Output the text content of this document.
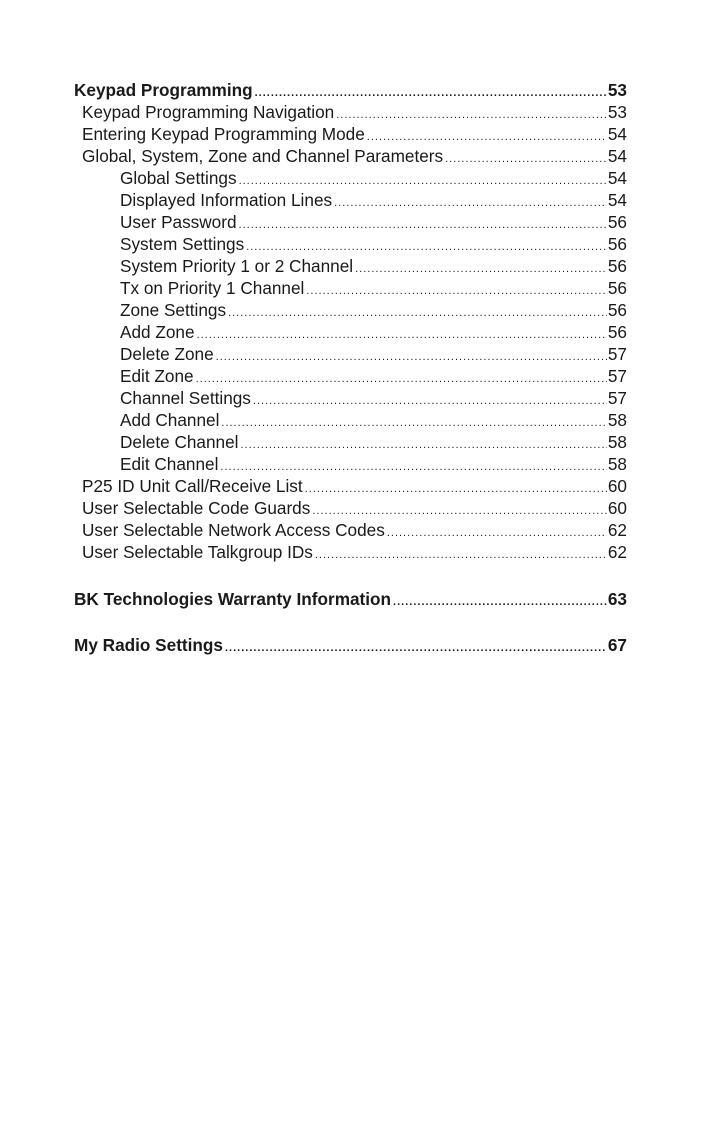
Keypad Programming .....	53
Keypad Programming Navigation .....	53
Entering Keypad Programming Mode .....	54
Global, System, Zone and Channel Parameters .....	54
Global Settings .....	54
Displayed Information Lines .....	54
User Password .....	56
System Settings .....	56
System Priority 1 or 2 Channel .....	56
Tx on Priority 1 Channel .....	56
Zone Settings .....	56
Add Zone .....	56
Delete Zone .....	57
Edit Zone .....	57
Channel Settings .....	57
Add Channel .....	58
Delete Channel .....	58
Edit Channel .....	58
P25 ID Unit Call/Receive List .....	60
User Selectable Code Guards .....	60
User Selectable Network Access Codes .....	62
User Selectable Talkgroup IDs .....	62
BK Technologies Warranty Information .....	63
My Radio Settings .....	67
